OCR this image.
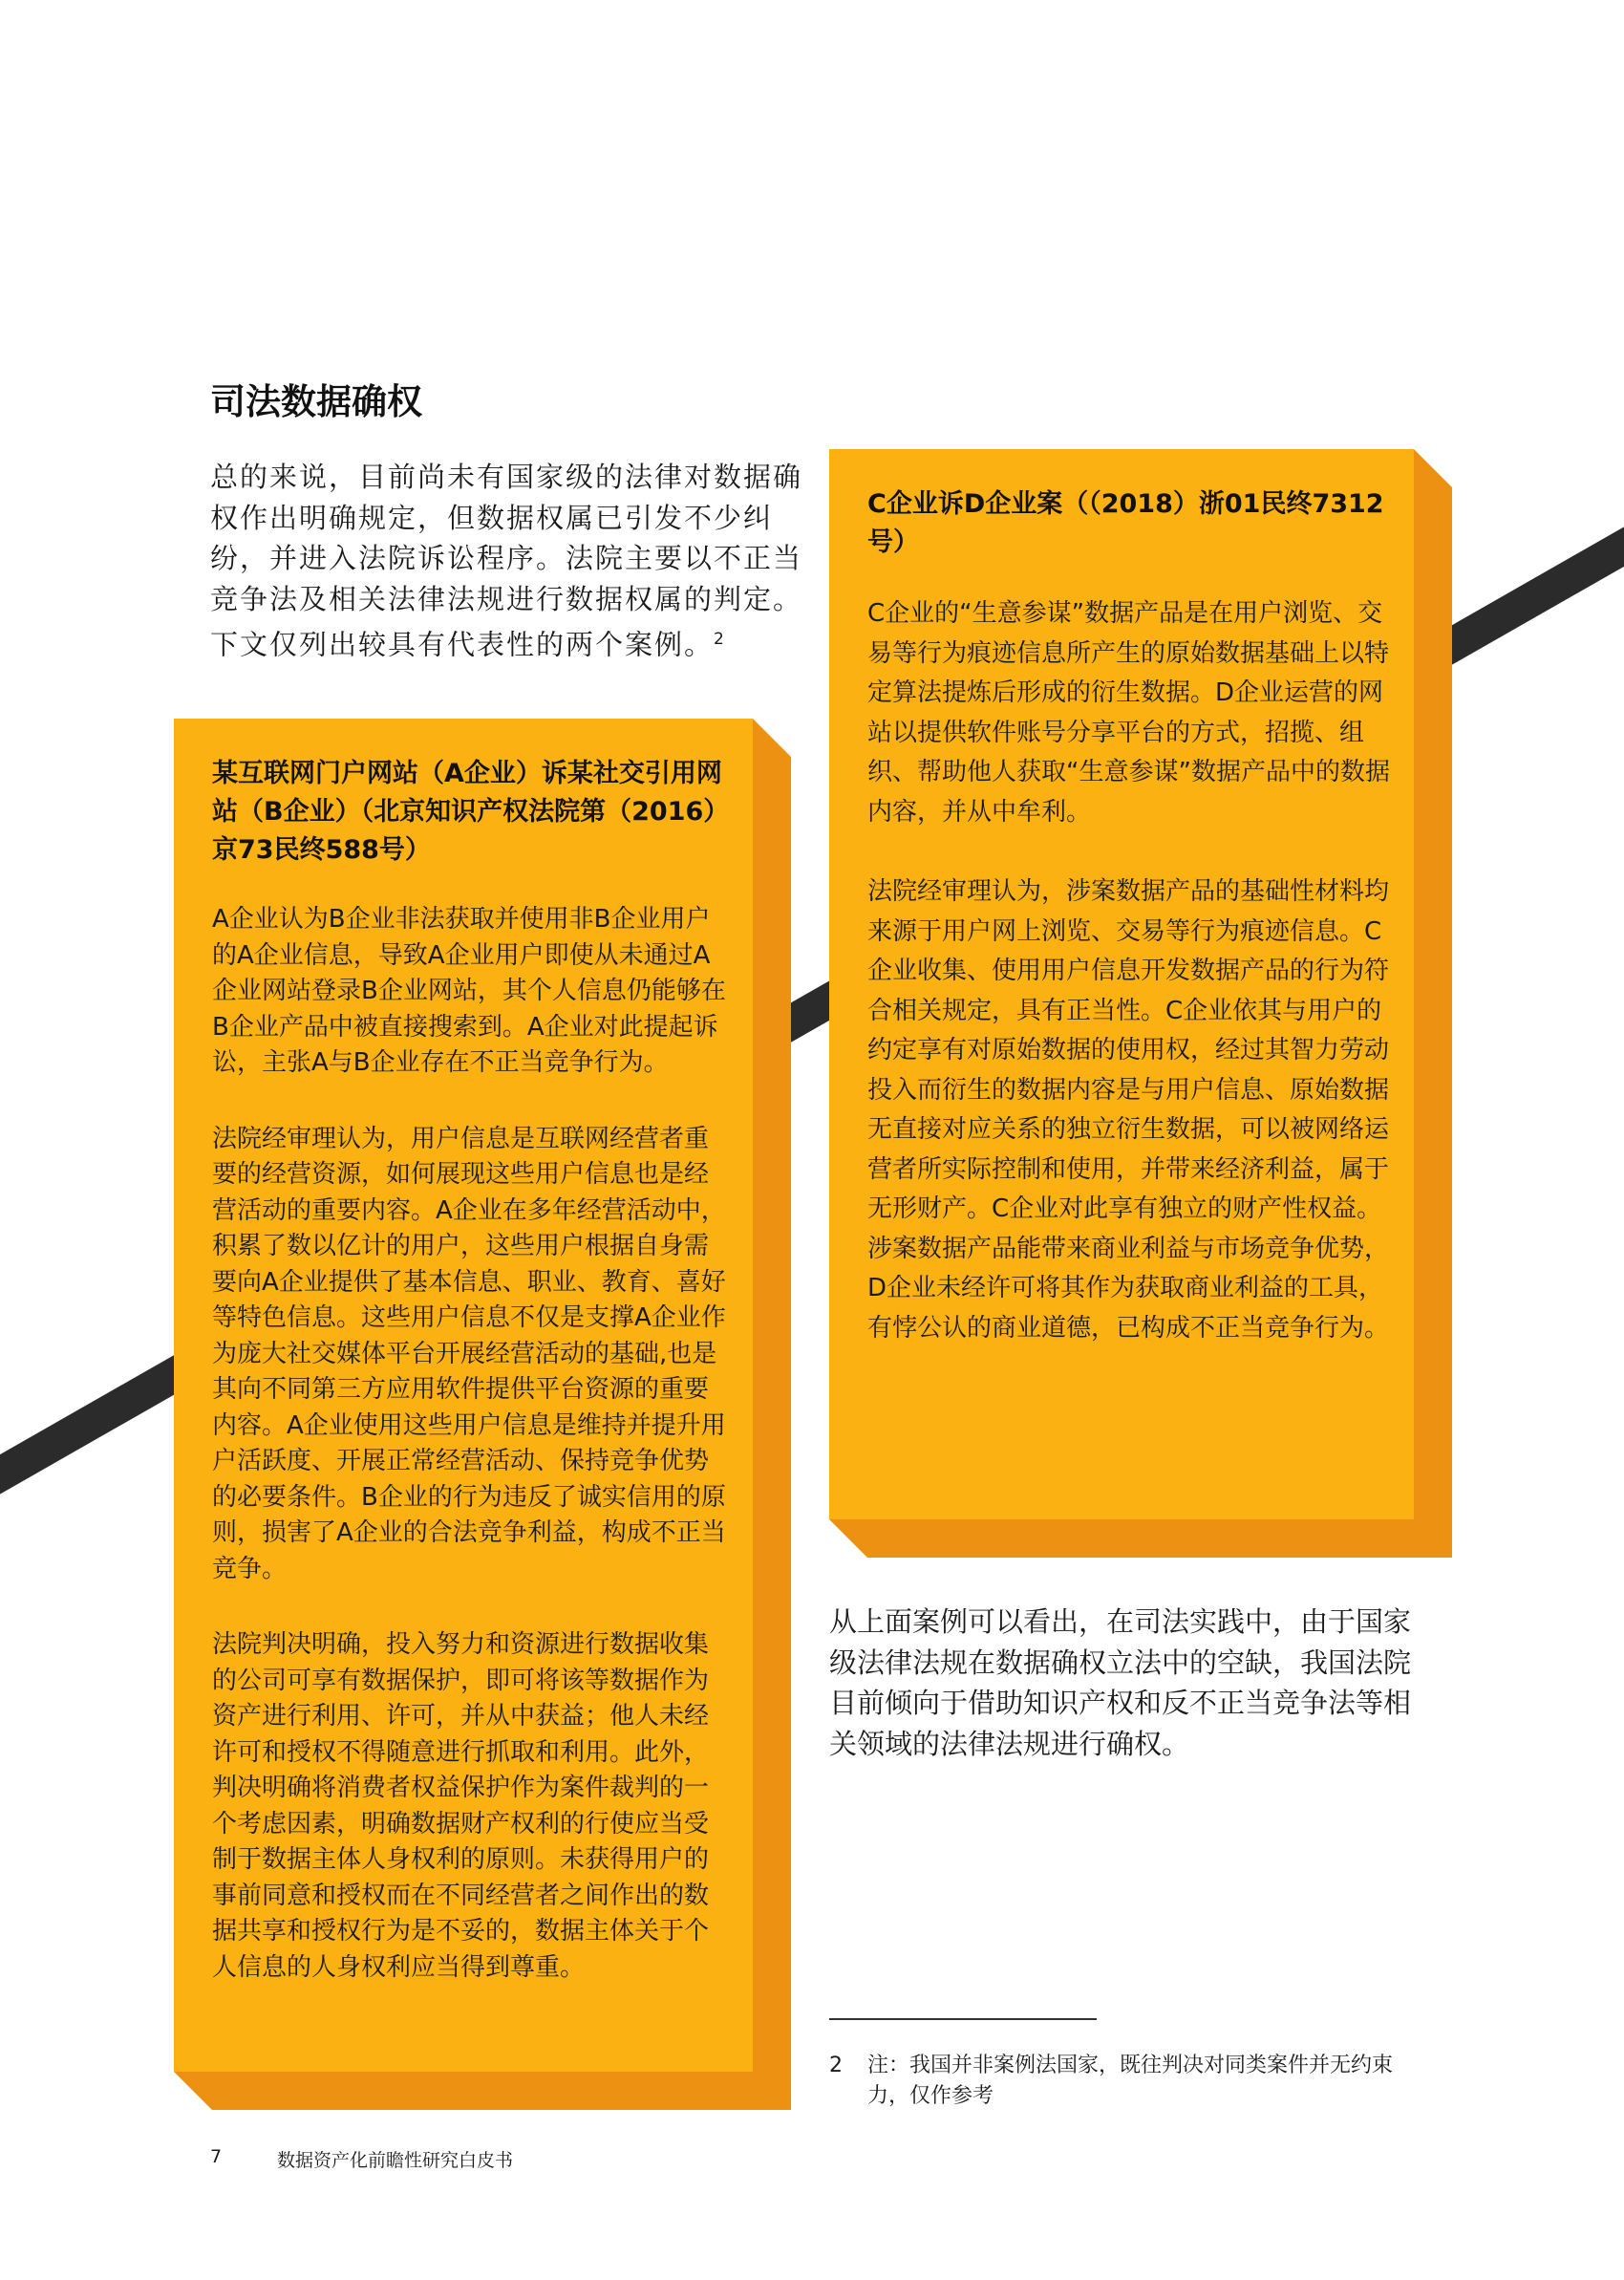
司法数据确权

总的来说，目前尚未有国家级的法律对数据确权作出明确规定，但数据权属已引发不少纠纷，并进入法院诉讼程序。法院主要以不正当竞争法及相关法律法规进行数据权属的判定。下文仅列出较具有代表性的两个案例。$^2$

某互联网门户网站（A企业）诉某社交引用网站（B企业）（北京知识产权法院第（2016）京73民终588号）

A企业认为B企业非法获取并使用非B企业用户的A企业信息，导致A企业用户即使从未通过A企业网站登录B企业网站，其个人信息仍能够在B企业产品中被直接搜索到。A企业对此提起诉讼，主张A与B企业存在不正当竞争行为。

法院经审理认为，用户信息是互联网经营者重要的经营资源，如何展现这些用户信息也是经营活动的重要内容。A企业在多年经营活动中，积累了数以亿计的用户，这些用户根据自身需要向A企业提供了基本信息、职业、教育、喜好等特色信息。这些用户信息不仅是支撑A企业作为庞大社交媒体平台开展经营活动的基础,也是其向不同第三方应用软件提供平台资源的重要内容。A企业使用这些用户信息是维持并提升用户活跃度、开展正常经营活动、保持竞争优势的必要条件。B企业的行为违反了诚实信用的原则，损害了A企业的合法竞争利益，构成不正当竞争。

法院判决明确，投入努力和资源进行数据收集的公司可享有数据保护，即可将该等数据作为资产进行利用、许可，并从中获益；他人未经许可和授权不得随意进行抓取和利用。此外，判决明确将消费者权益保护作为案件裁判的一个考虑因素，明确数据财产权利的行使应当受制于数据主体人身权利的原则。未获得用户的事前同意和授权而在不同经营者之间作出的数据共享和授权行为是不妥的，数据主体关于个人信息的人身权利应当得到尊重。

C企业诉D企业案（（2018）浙01民终7312号）

C企业的“生意参谋”数据产品是在用户浏览、交易等行为痕迹信息所产生的原始数据基础上以特定算法提炼后形成的衍生数据。D企业运营的网站以提供软件账号分享平台的方式，招揽、组织、帮助他人获取“生意参谋”数据产品中的数据内容，并从中牟利。

法院经审理认为，涉案数据产品的基础性材料均来源于用户网上浏览、交易等行为痕迹信息。C企业收集、使用用户信息开发数据产品的行为符合相关规定，具有正当性。C企业依其与用户的约定享有对原始数据的使用权，经过其智力劳动投入而衍生的数据内容是与用户信息、原始数据无直接对应关系的独立衍生数据，可以被网络运营者所实际控制和使用，并带来经济利益，属于无形财产。C企业对此享有独立的财产性权益。涉案数据产品能带来商业利益与市场竞争优势，D企业未经许可将其作为获取商业利益的工具，有悖公认的商业道德，已构成不正当竞争行为。

从上面案例可以看出，在司法实践中，由于国家级法律法规在数据确权立法中的空缺，我国法院目前倾向于借助知识产权和反不正当竞争法等相关领域的法律法规进行确权。

2	注：我国并非案例法国家，既往判决对同类案件并无约束力，仅作参考
7	数据资产化前瞻性研究白皮书
